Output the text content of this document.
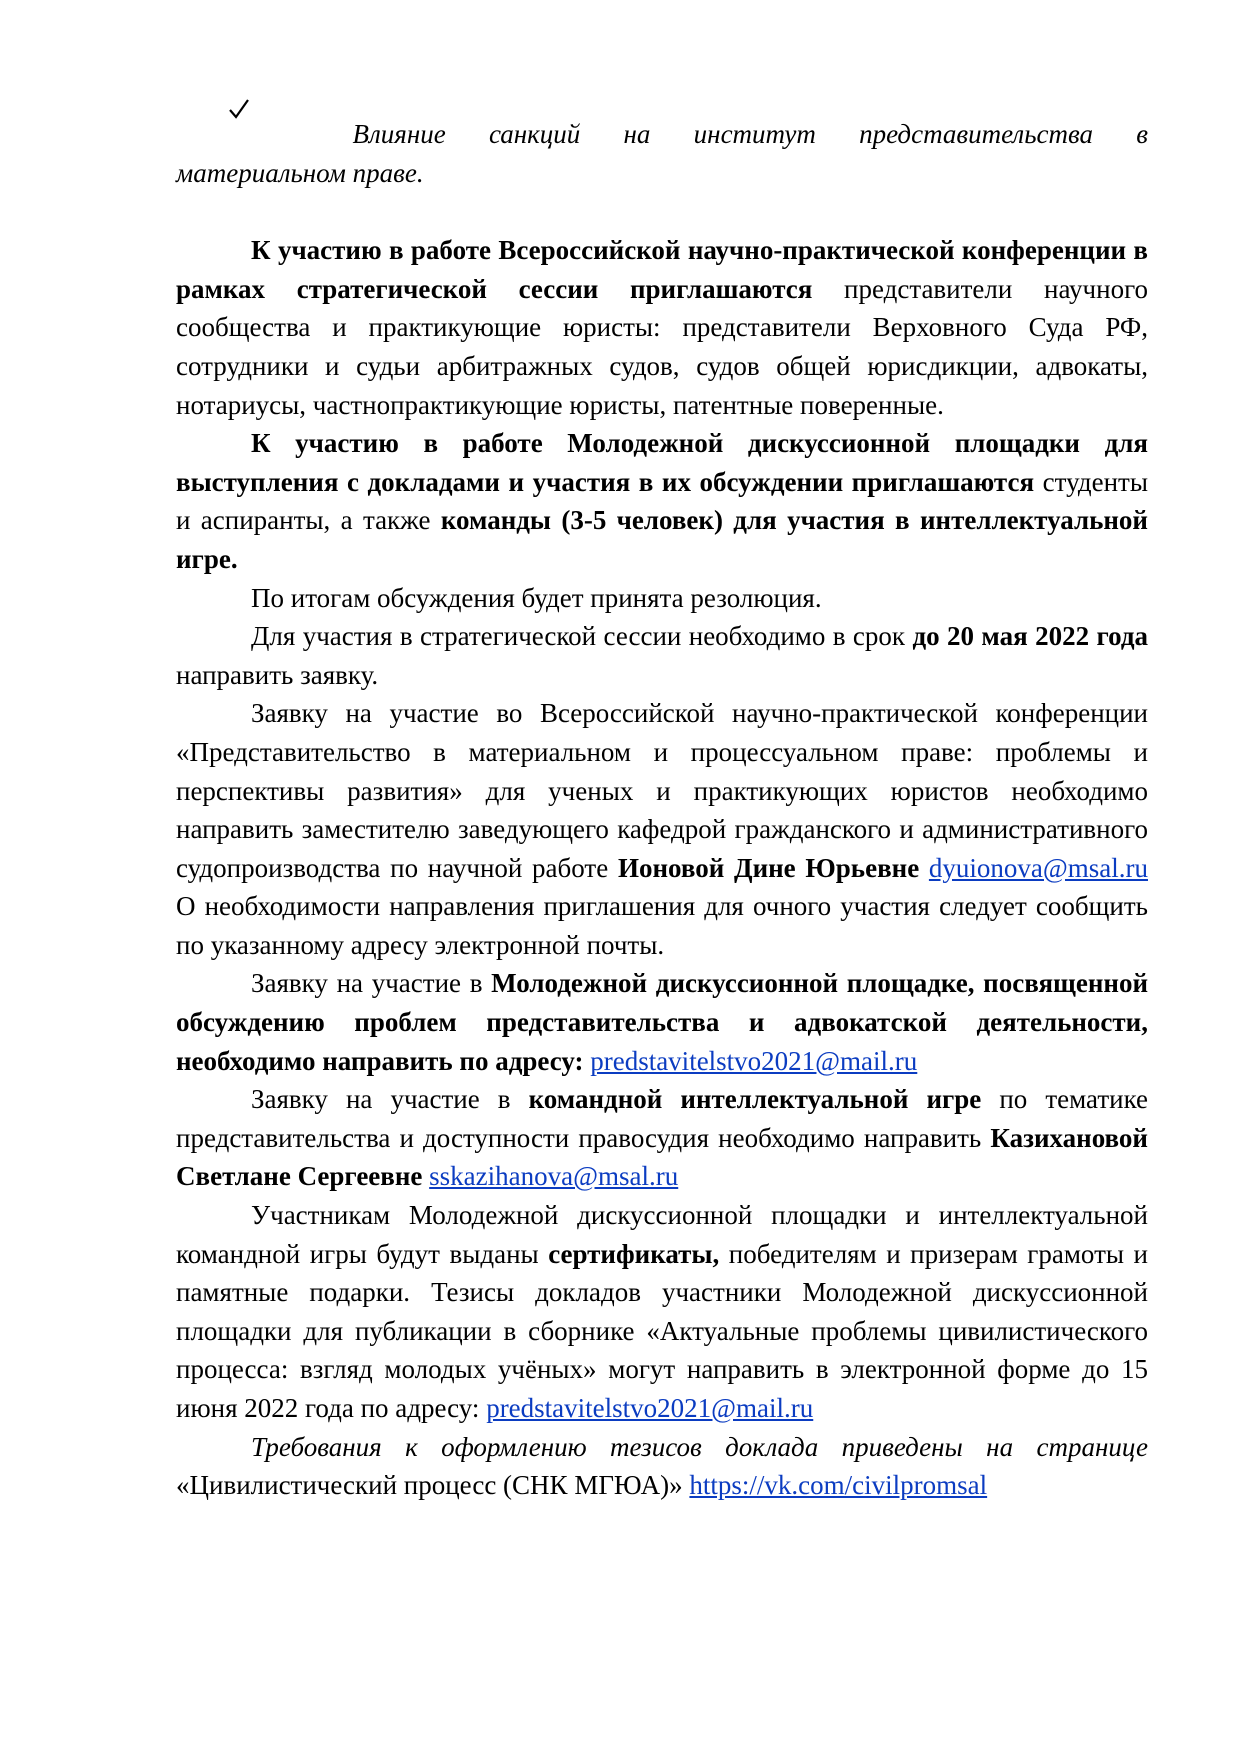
Влияние санкций на институт представительства в

материальном праве.

К участию в работе Всероссийской научно-практической конференции в рамках стратегической сессии приглашаются представители научного сообщества и практикующие юристы: представители Верховного Суда РФ, сотрудники и судьи арбитражных судов, судов общей юрисдикции, адвокаты, нотариусы, частнопрактикующие юристы, патентные поверенные.

К участию в работе Молодежной дискуссионной площадки для выступления с докладами и участия в их обсуждении приглашаются студенты и аспиранты, а также команды (3-5 человек) для участия в интеллектуальной игре.

По итогам обсуждения будет принята резолюция.

Для участия в стратегической сессии необходимо в срок до 20 мая 2022 года направить заявку.

Заявку на участие во Всероссийской научно-практической конференции «Представительство в материальном и процессуальном праве: проблемы и перспективы развития» для ученых и практикующих юристов необходимо направить заместителю заведующего кафедрой гражданского и административного судопроизводства по научной работе Ионовой Дине Юрьевне dyuionova@msal.ru О необходимости направления приглашения для очного участия следует сообщить по указанному адресу электронной почты.

Заявку на участие в Молодежной дискуссионной площадке, посвященной обсуждению проблем представительства и адвокатской деятельности, необходимо направить по адресу: predstavitelstvo2021@mail.ru

Заявку на участие в командной интеллектуальной игре по тематике представительства и доступности правосудия необходимо направить Казихановой Светлане Сергеевне sskazihanova@msal.ru

Участникам Молодежной дискуссионной площадки и интеллектуальной командной игры будут выданы сертификаты, победителям и призерам грамоты и памятные подарки. Тезисы докладов участники Молодежной дискуссионной площадки для публикации в сборнике «Актуальные проблемы цивилистического процесса: взгляд молодых учёных» могут направить в электронной форме до 15 июня 2022 года по адресу: predstavitelstvo2021@mail.ru

Требования к оформлению тезисов доклада приведены на странице «Цивилистический процесс (СНК МГЮА)» https://vk.com/civilpromsal
